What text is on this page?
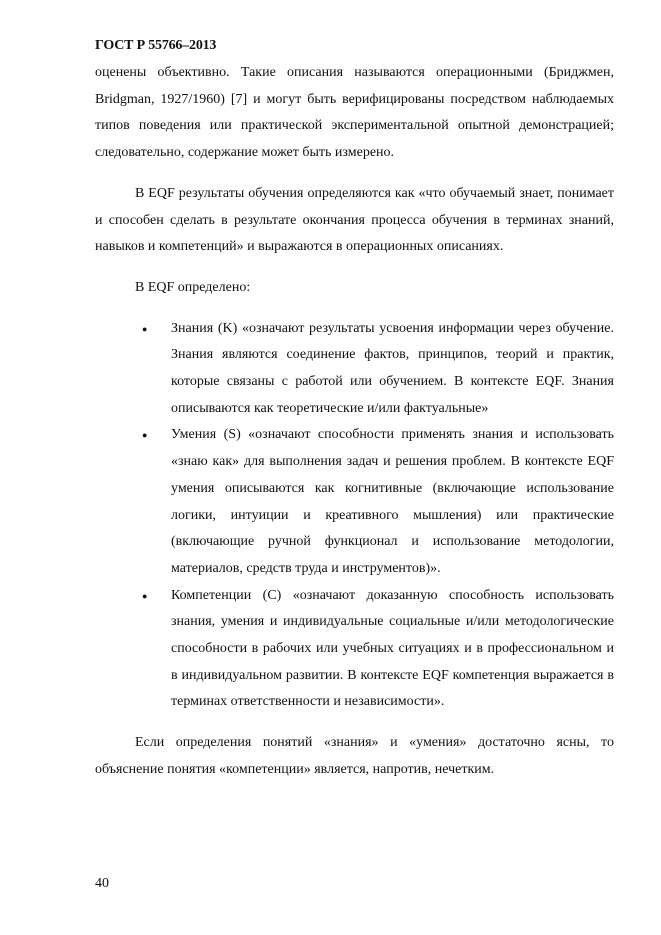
ГОСТ Р 55766–2013

оценены объективно. Такие описания называются операционными (Бриджмен, Bridgman, 1927/1960) [7] и могут быть верифицированы посредством наблюдаемых типов поведения или практической экспериментальной опытной демонстрацией; следовательно, содержание может быть измерено.

В EQF результаты обучения определяются как «что обучаемый знает, понимает и способен сделать в результате окончания процесса обучения в терминах знаний, навыков и компетенций» и выражаются в операционных описаниях.

В EQF определено:

● Знания (K) «означают результаты усвоения информации через обучение. Знания являются соединение фактов, принципов, теорий и практик, которые связаны с работой или обучением. В контексте EQF. Знания описываются как теоретические и/или фактуальные»
● Умения (S) «означают способности применять знания и использовать «знаю как» для выполнения задач и решения проблем. В контексте EQF умения описываются как когнитивные (включающие использование логики, интуиции и креативного мышления) или практические (включающие ручной функционал и использование методологии, материалов, средств труда и инструментов)».
● Компетенции (C) «означают доказанную способность использовать знания, умения и индивидуальные социальные и/или методологические способности в рабочих или учебных ситуациях и в профессиональном и в индивидуальном развитии. В контексте EQF компетенция выражается в терминах ответственности и независимости».

Если определения понятий «знания» и «умения» достаточно ясны, то объяснение понятия «компетенции» является, напротив, нечетким.

40
